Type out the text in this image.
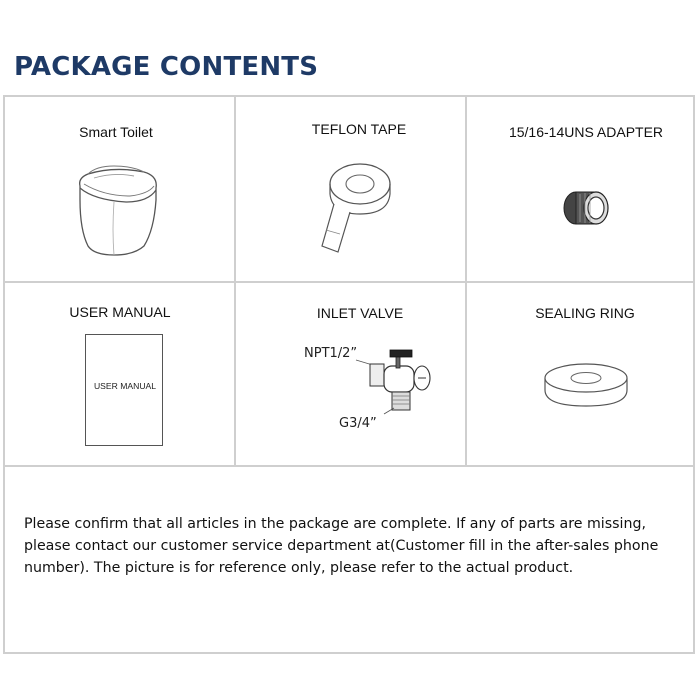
PACKAGE CONTENTS
Smart Toilet	TEFLON TAPE	15/16-14UNS ADAPTER
USER MANUAL	INLET VALVE	SEALING RING
USER MANUAL
NPT1/2”
G3/4”
Please confirm that all articles in the package are complete. If any of parts are missing, please contact our customer service department at(Customer fill in the after-sales phone number). The picture is for reference only, please refer to the actual product.
